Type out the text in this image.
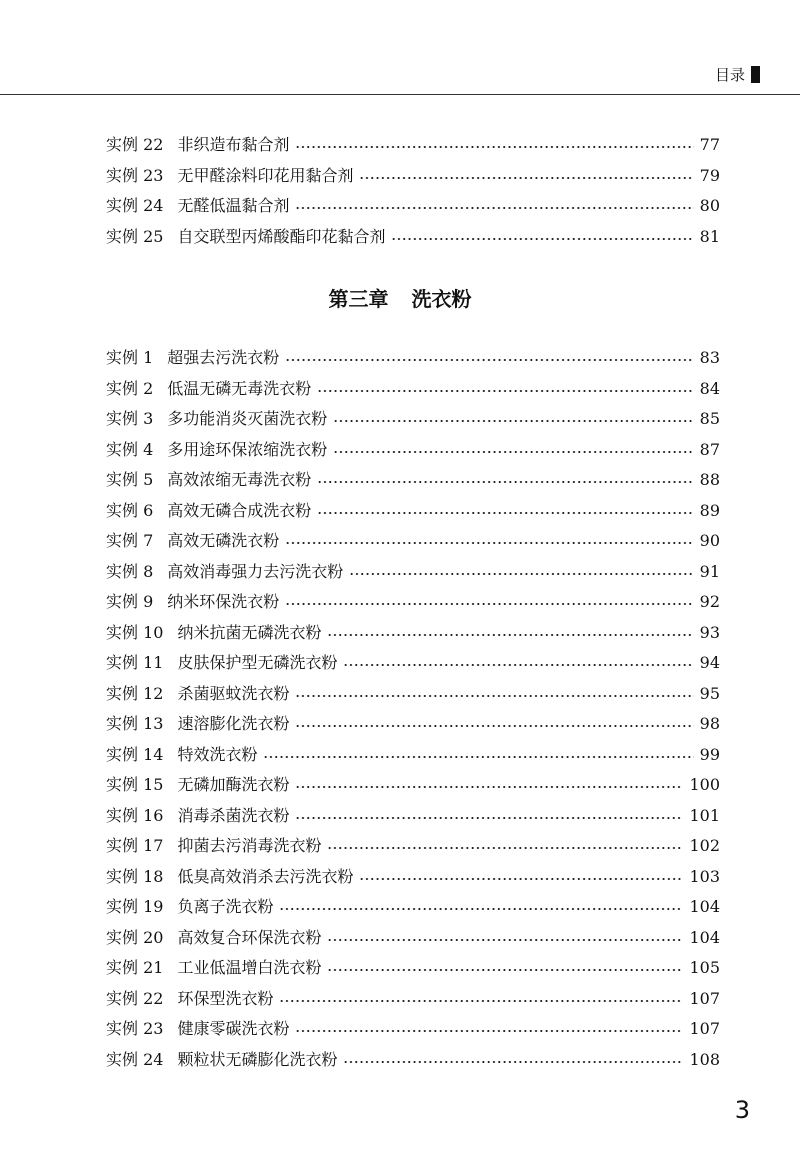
目录
实例 22 非织造布黏合剂	77
实例 23 无甲醛涂料印花用黏合剂	79
实例 24 无醛低温黏合剂	80
实例 25 自交联型丙烯酸酯印花黏合剂	81
第三章 洗衣粉
实例 1 超强去污洗衣粉	83
实例 2 低温无磷无毒洗衣粉	84
实例 3 多功能消炎灭菌洗衣粉	85
实例 4 多用途环保浓缩洗衣粉	87
实例 5 高效浓缩无毒洗衣粉	88
实例 6 高效无磷合成洗衣粉	89
实例 7 高效无磷洗衣粉	90
实例 8 高效消毒强力去污洗衣粉	91
实例 9 纳米环保洗衣粉	92
实例 10 纳米抗菌无磷洗衣粉	93
实例 11 皮肤保护型无磷洗衣粉	94
实例 12 杀菌驱蚊洗衣粉	95
实例 13 速溶膨化洗衣粉	98
实例 14 特效洗衣粉	99
实例 15 无磷加酶洗衣粉	100
实例 16 消毒杀菌洗衣粉	101
实例 17 抑菌去污消毒洗衣粉	102
实例 18 低臭高效消杀去污洗衣粉	103
实例 19 负离子洗衣粉	104
实例 20 高效复合环保洗衣粉	104
实例 21 工业低温增白洗衣粉	105
实例 22 环保型洗衣粉	107
实例 23 健康零碳洗衣粉	107
实例 24 颗粒状无磷膨化洗衣粉	108
3
